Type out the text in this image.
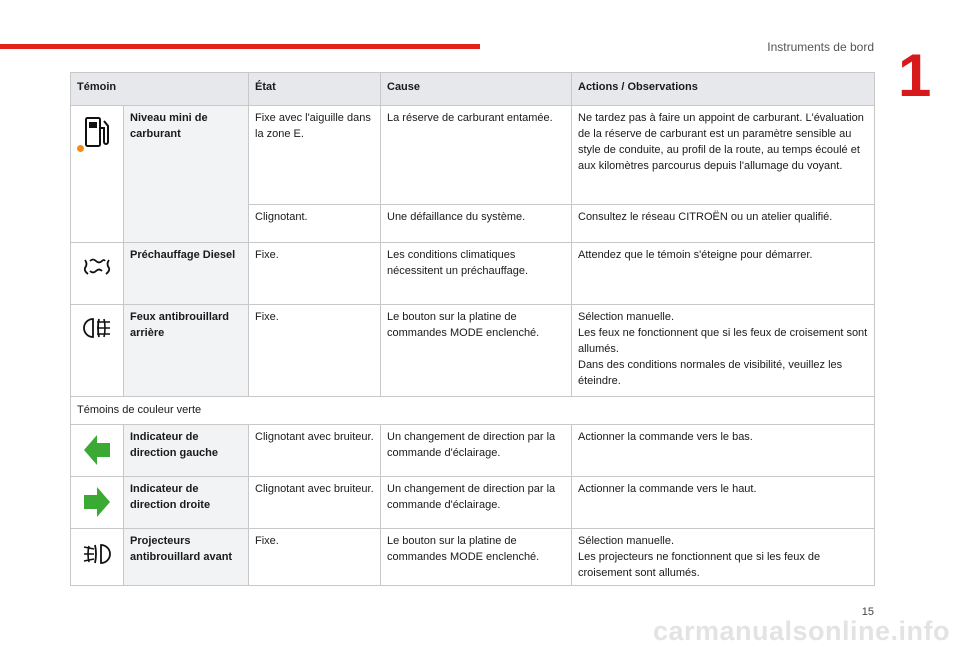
Instruments de bord 1
Témoin		État	Cause	Actions / Observations

	Niveau mini de carburant	Fixe avec l'aiguille dans la zone E.	La réserve de carburant entamée.	Ne tardez pas à faire un appoint de carburant. L'évaluation de la réserve de carburant est un paramètre sensible au style de conduite, au profil de la route, au temps écoulé et aux kilomètres parcourus depuis l'allumage du voyant.
		Clignotant.	Une défaillance du système.	Consultez le réseau CITROËN ou un atelier qualifié.

	Préchauffage Diesel	Fixe.	Les conditions climatiques nécessitent un préchauffage.	Attendez que le témoin s'éteigne pour démarrer.

	Feux antibrouillard arrière	Fixe.	Le bouton sur la platine de commandes MODE enclenché.	Sélection manuelle.
Les feux ne fonctionnent que si les feux de croisement sont allumés.
Dans des conditions normales de visibilité, veuillez les éteindre.

Témoins de couleur verte				

	Indicateur de direction gauche	Clignotant avec bruiteur.	Un changement de direction par la commande d'éclairage.	Actionner la commande vers le bas.

	Indicateur de direction droite	Clignotant avec bruiteur.	Un changement de direction par la commande d'éclairage.	Actionner la commande vers le haut.

	Projecteurs antibrouillard avant	Fixe.	Le bouton sur la platine de commandes MODE enclenché.	Sélection manuelle.
Les projecteurs ne fonctionnent que si les feux de croisement sont allumés.
15
carmanualsonline.info
